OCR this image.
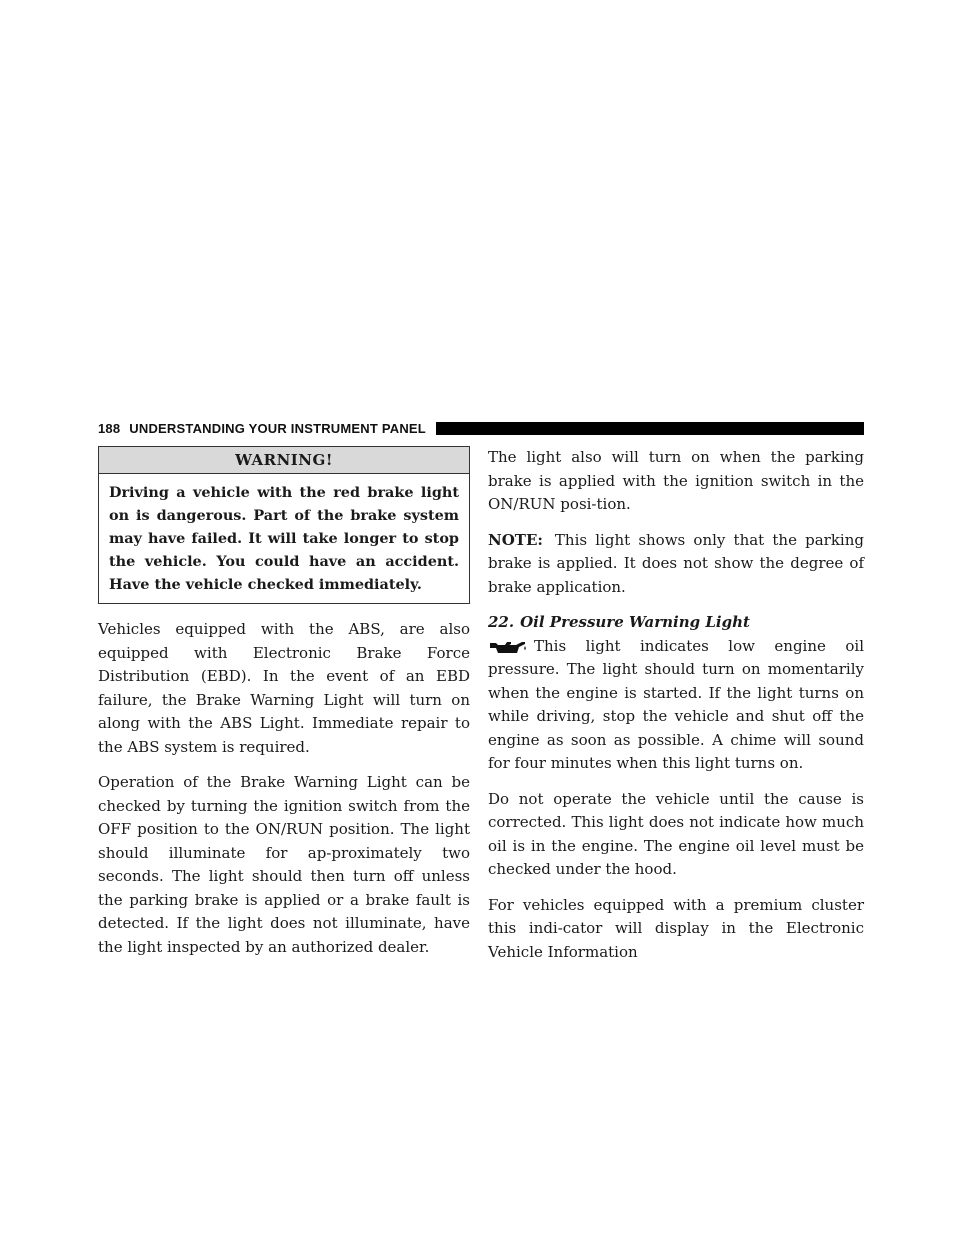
188 UNDERSTANDING YOUR INSTRUMENT PANEL
WARNING!
Driving a vehicle with the red brake light on is dangerous. Part of the brake system may have failed. It will take longer to stop the vehicle. You could have an accident. Have the vehicle checked immediately.

Vehicles equipped with the ABS, are also equipped with Electronic Brake Force Distribution (EBD). In the event of an EBD failure, the Brake Warning Light will turn on along with the ABS Light. Immediate repair to the ABS system is required.

Operation of the Brake Warning Light can be checked by turning the ignition switch from the OFF position to the ON/RUN position. The light should illuminate for ap-proximately two seconds. The light should then turn off unless the parking brake is applied or a brake fault is detected. If the light does not illuminate, have the light inspected by an authorized dealer.

The light also will turn on when the parking brake is applied with the ignition switch in the ON/RUN posi-tion.

NOTE: This light shows only that the parking brake is applied. It does not show the degree of brake application.

22. Oil Pressure Warning Light

This light indicates low engine oil pressure. The light should turn on momentarily when the engine is started. If the light turns on while driving, stop the vehicle and shut off the engine as soon as possible. A chime will sound for four minutes when this light turns on.

Do not operate the vehicle until the cause is corrected. This light does not indicate how much oil is in the engine. The engine oil level must be checked under the hood.

For vehicles equipped with a premium cluster this indi-cator will display in the Electronic Vehicle Information
